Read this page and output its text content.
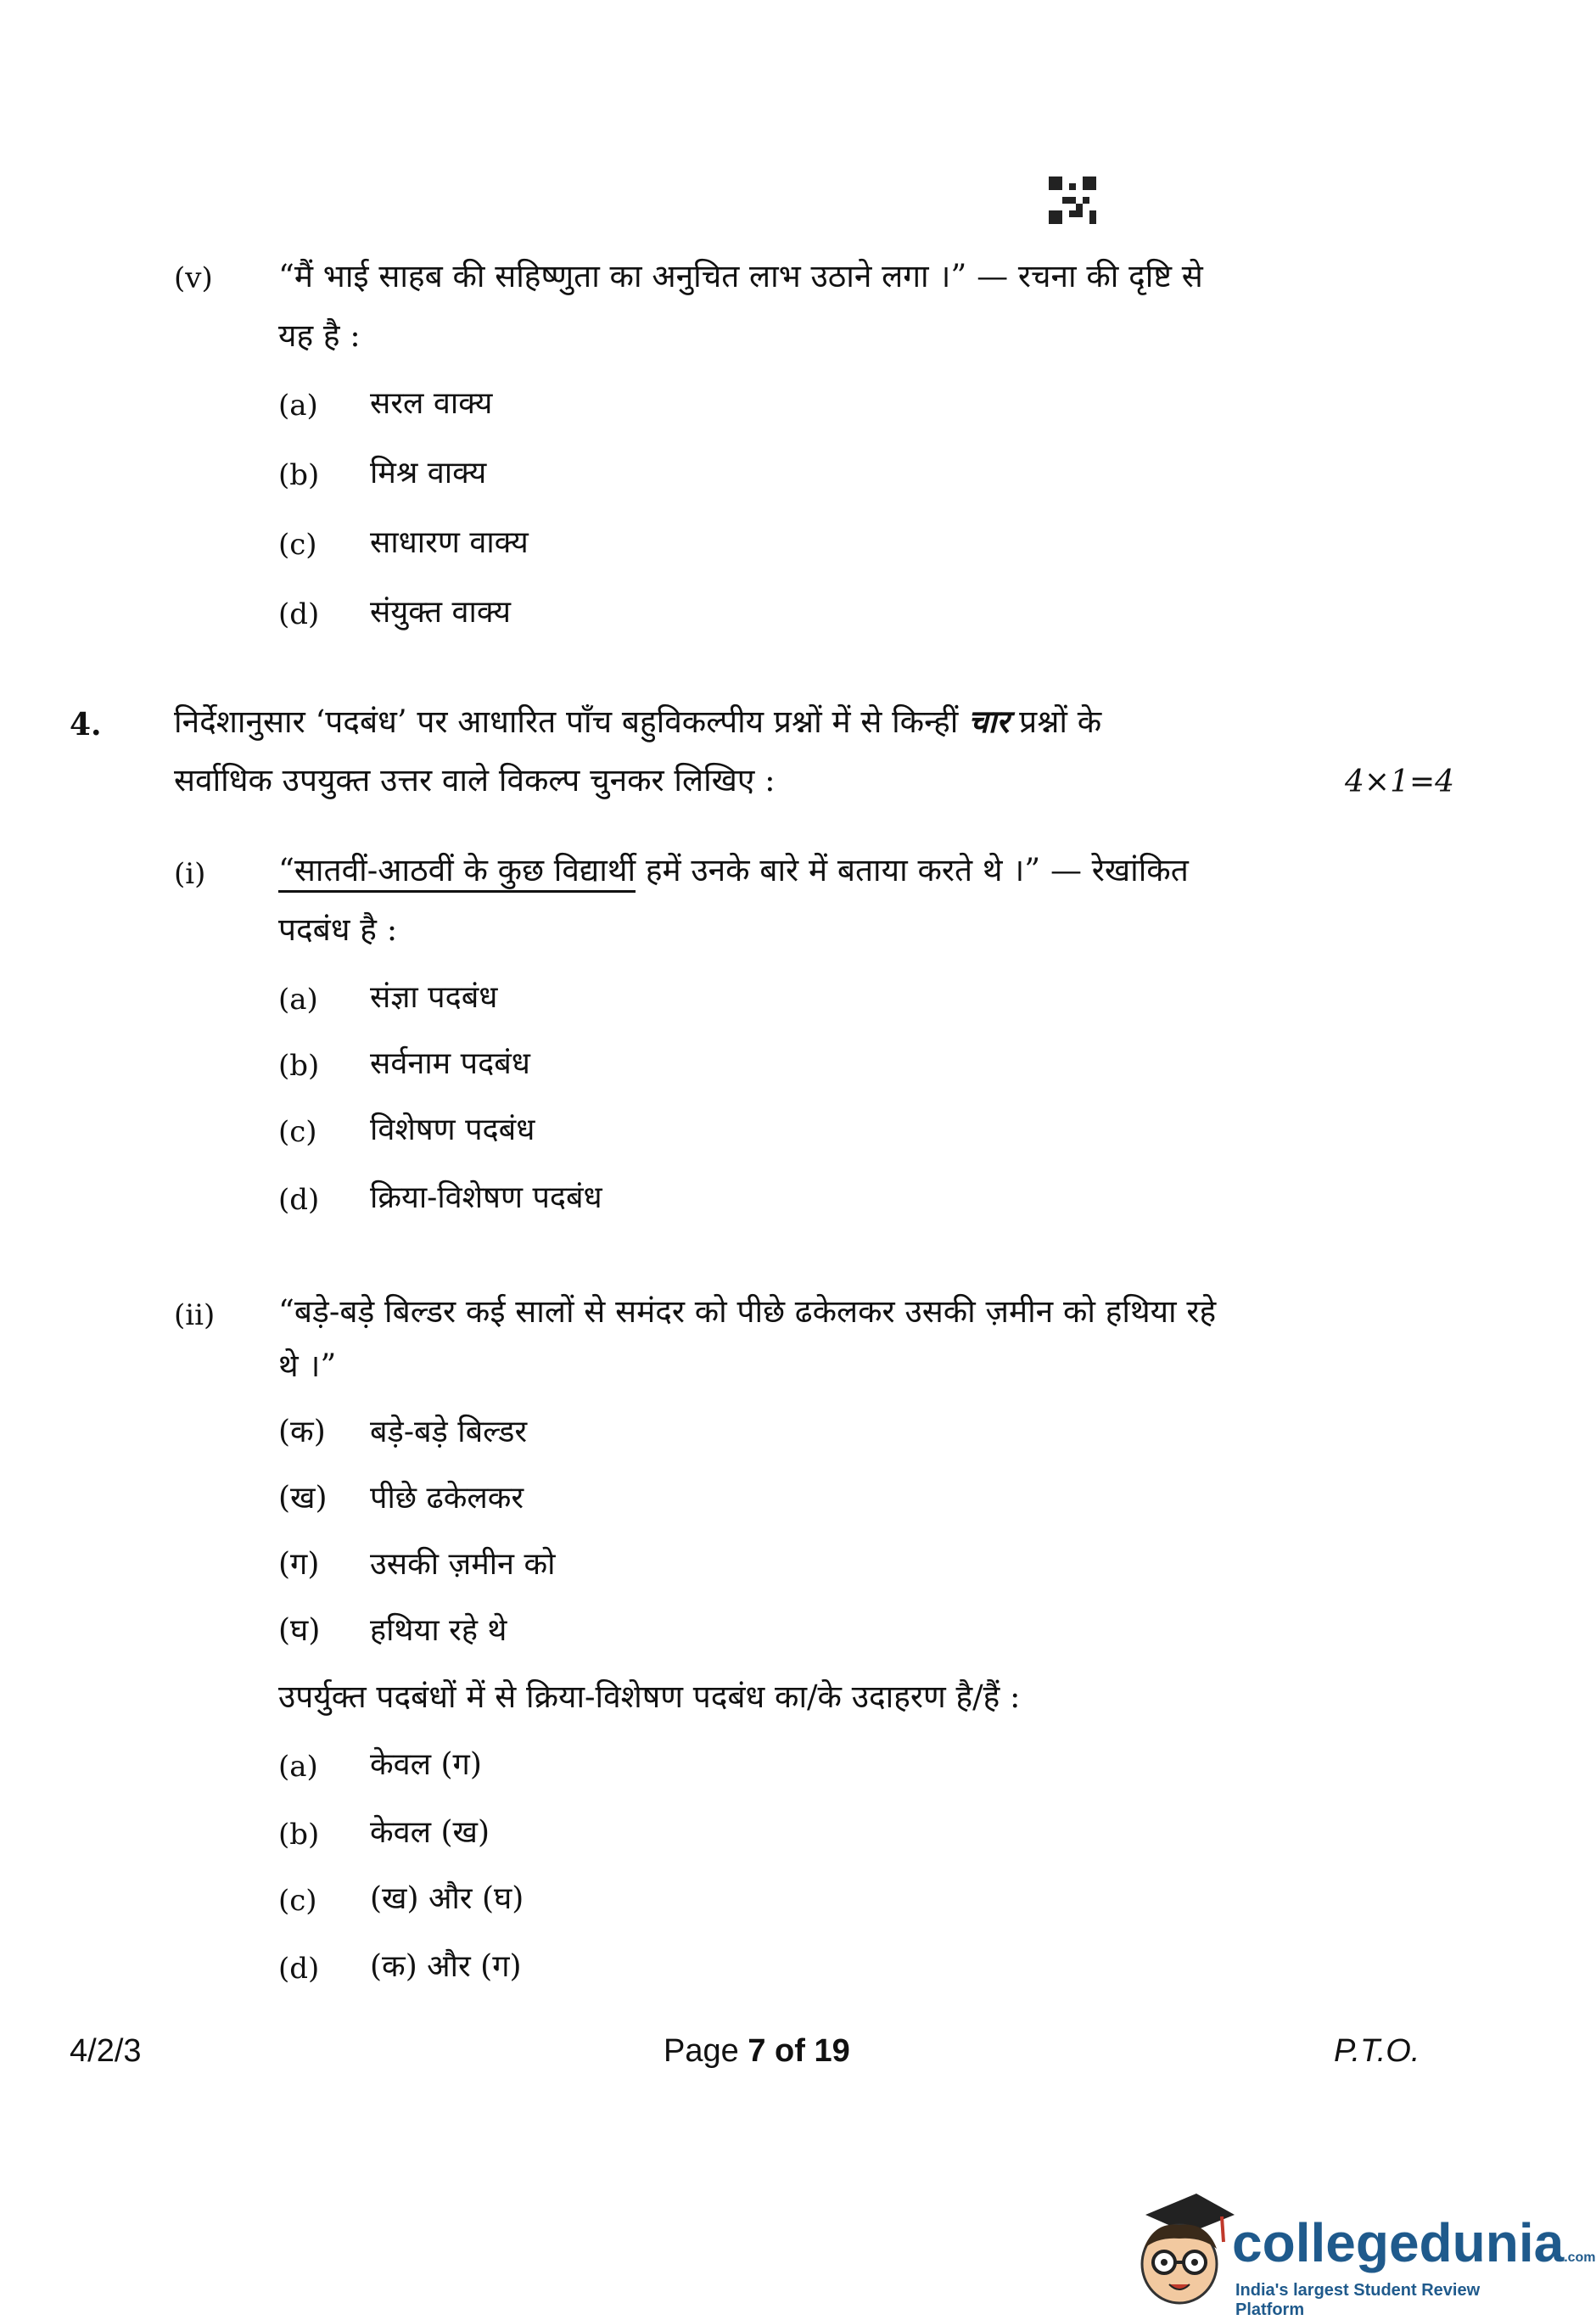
(v) “मैं भाई साहब की सहिष्णुता का अनुचित लाभ उठाने लगा ।” — रचना की दृष्टि से
यह है :
(a) सरल वाक्य
(b) मिश्र वाक्य
(c) साधारण वाक्य
(d) संयुक्त वाक्य
4. निर्देशानुसार ‘पदबंध’ पर आधारित पाँच बहुविकल्पीय प्रश्नों में से किन्हीं चार प्रश्नों के
सर्वाधिक उपयुक्त उत्तर वाले विकल्प चुनकर लिखिए :	4×1=4
(i) “सातवीं-आठवीं के कुछ विद्यार्थी हमें उनके बारे में बताया करते थे ।” — रेखांकित
पदबंध है :
(a) संज्ञा पदबंध
(b) सर्वनाम पदबंध
(c) विशेषण पदबंध
(d) क्रिया-विशेषण पदबंध
(ii) “बड़े-बड़े बिल्डर कई सालों से समंदर को पीछे ढकेलकर उसकी ज़मीन को हथिया रहे
थे ।”
(क) बड़े-बड़े बिल्डर
(ख) पीछे ढकेलकर
(ग) उसकी ज़मीन को
(घ) हथिया रहे थे
उपर्युक्त पदबंधों में से क्रिया-विशेषण पदबंध का/के उदाहरण है/हैं :
(a) केवल (ग)
(b) केवल (ख)
(c) (ख) और (घ)
(d) (क) और (ग)
4/2/3	Page 7 of 19	P.T.O.
collegedunia.com
India's largest Student Review Platform
